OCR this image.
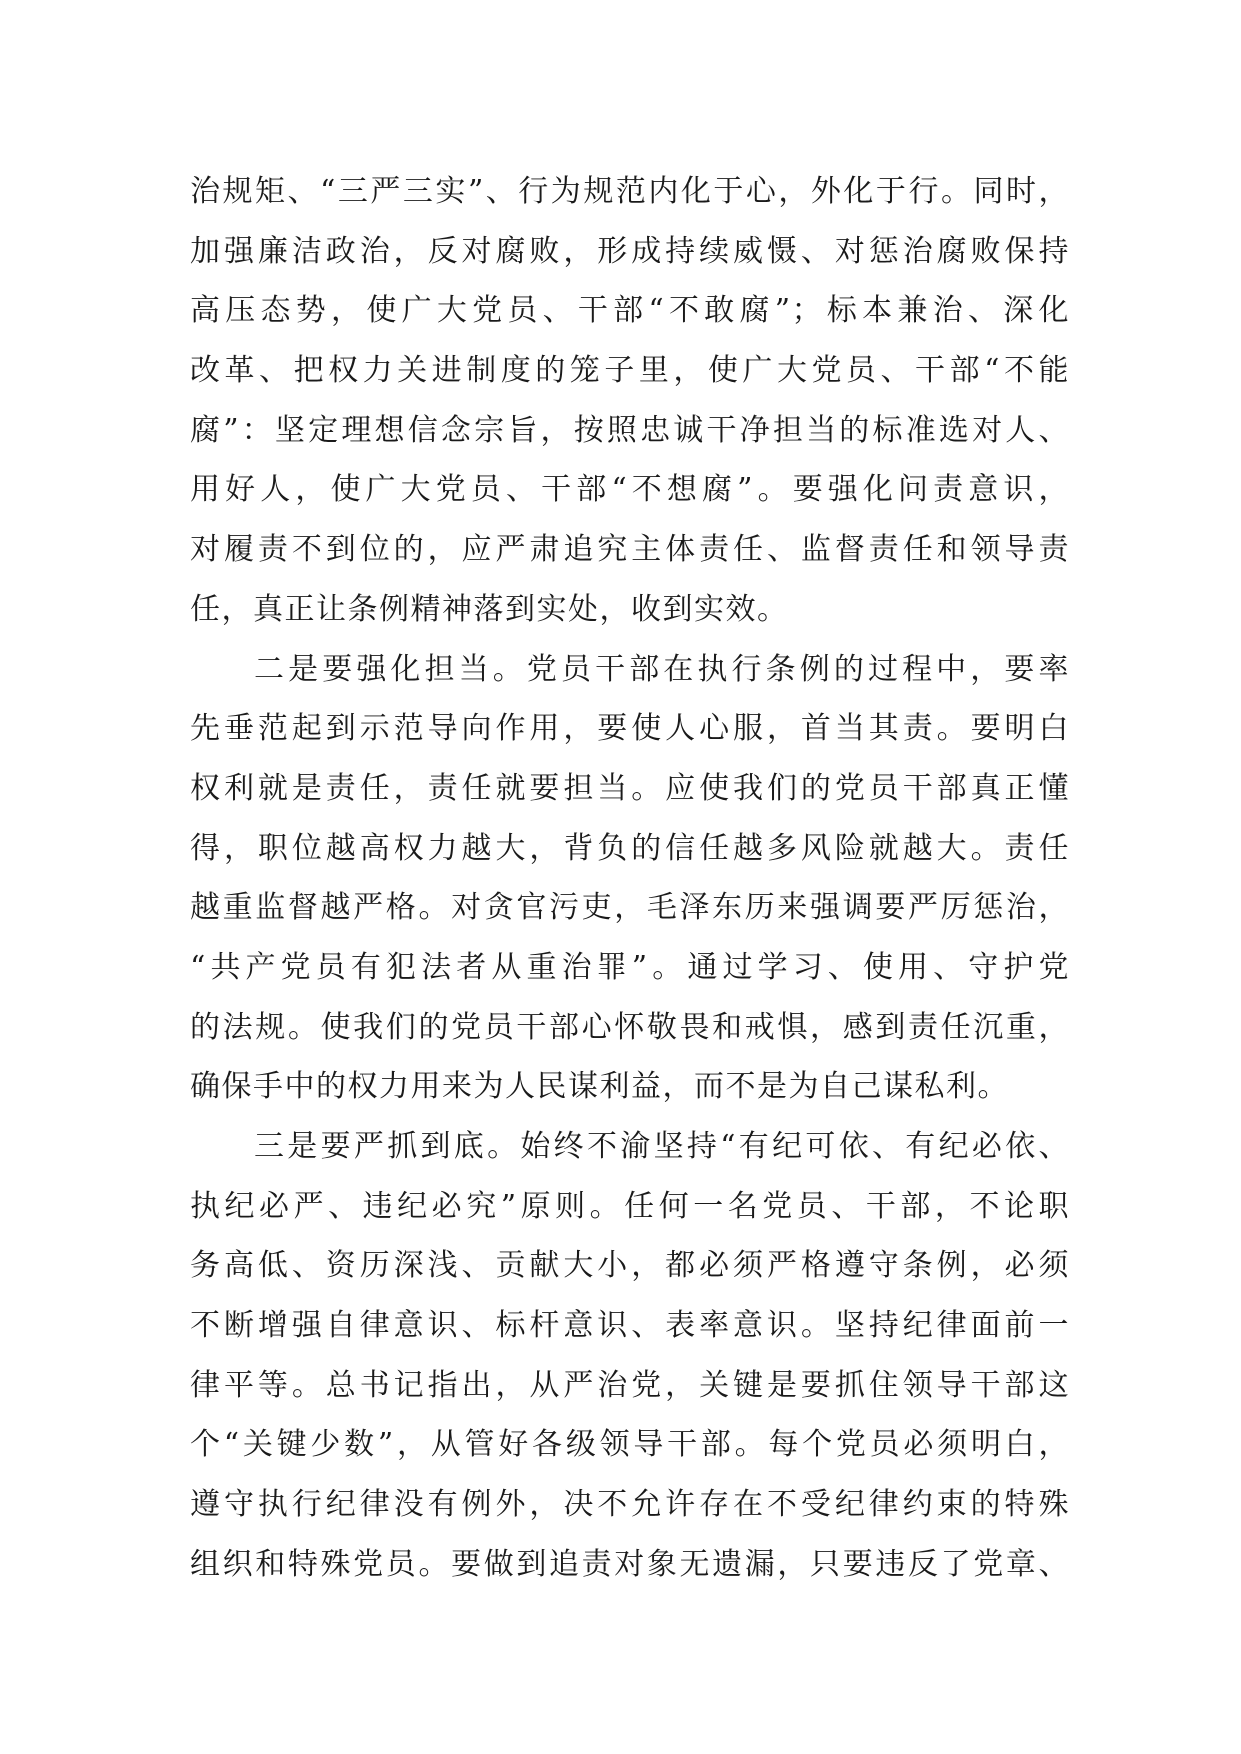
治规矩、“三严三实”、行为规范内化于心，外化于行。同时，
加强廉洁政治，反对腐败，形成持续威慑、对惩治腐败保持
高压态势，使广大党员、干部“不敢腐”；标本兼治、深化
改革、把权力关进制度的笼子里，使广大党员、干部“不能
腐”：坚定理想信念宗旨，按照忠诚干净担当的标准选对人、
用好人，使广大党员、干部“不想腐”。要强化问责意识，
对履责不到位的，应严肃追究主体责任、监督责任和领导责
任，真正让条例精神落到实处，收到实效。
二是要强化担当。党员干部在执行条例的过程中，要率
先垂范起到示范导向作用，要使人心服，首当其责。要明白
权利就是责任，责任就要担当。应使我们的党员干部真正懂
得，职位越高权力越大，背负的信任越多风险就越大。责任
越重监督越严格。对贪官污吏，毛泽东历来强调要严厉惩治，
“共产党员有犯法者从重治罪”。通过学习、使用、守护党
的法规。使我们的党员干部心怀敬畏和戒惧，感到责任沉重，
确保手中的权力用来为人民谋利益，而不是为自己谋私利。
三是要严抓到底。始终不渝坚持“有纪可依、有纪必依、
执纪必严、违纪必究”原则。任何一名党员、干部，不论职
务高低、资历深浅、贡献大小，都必须严格遵守条例，必须
不断增强自律意识、标杆意识、表率意识。坚持纪律面前一
律平等。总书记指出，从严治党，关键是要抓住领导干部这
个“关键少数”，从管好各级领导干部。每个党员必须明白，
遵守执行纪律没有例外，决不允许存在不受纪律约束的特殊
组织和特殊党员。要做到追责对象无遗漏，只要违反了党章、
